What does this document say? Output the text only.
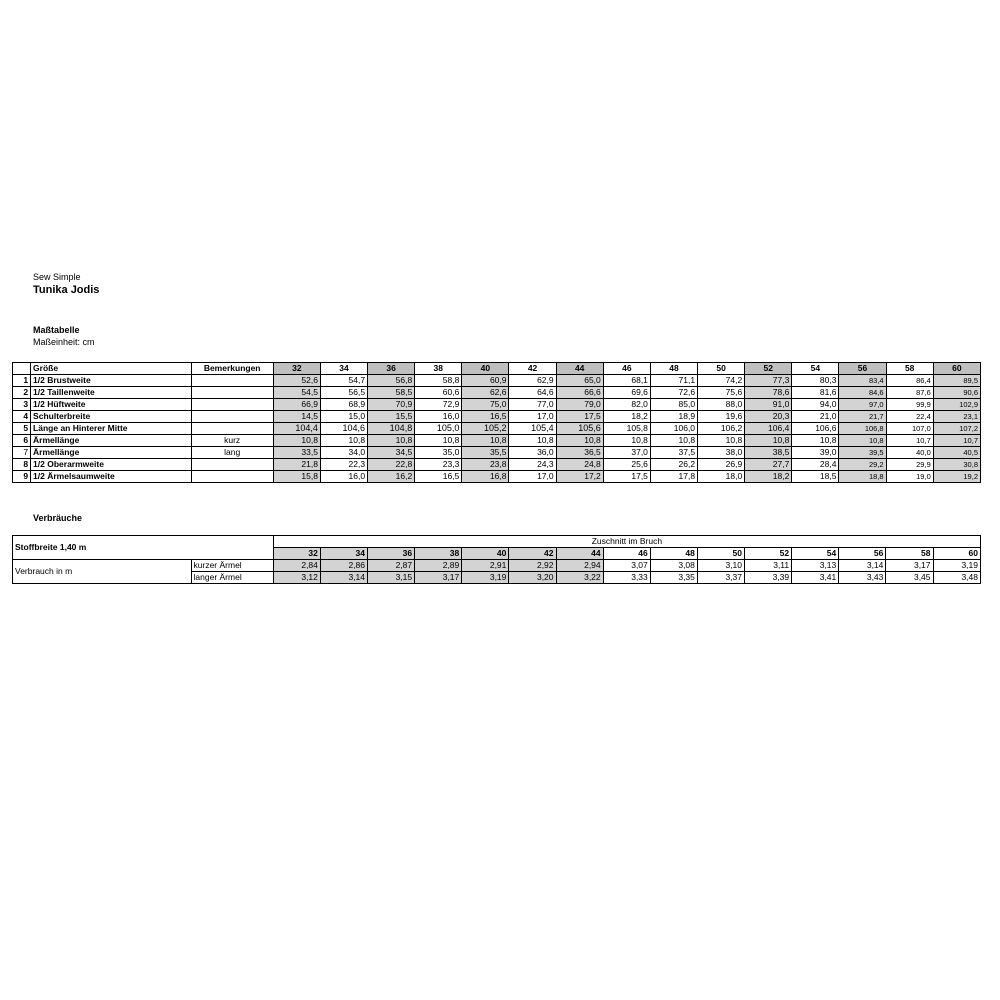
Sew Simple
Tunika Jodis
Maßtabelle
Maßeinheit: cm
	Größe	Bemerkungen	32	34	36	38	40	42	44	46	48	50	52	54	56	58	60
1	1/2 Brustweite		52,6	54,7	56,8	58,8	60,9	62,9	65,0	68,1	71,1	74,2	77,3	80,3	83,4	86,4	89,5
2	1/2 Taillenweite		54,5	56,5	58,5	60,6	62,6	64,6	66,6	69,6	72,6	75,6	78,6	81,6	84,6	87,6	90,6
3	1/2 Hüftweite		66,9	68,9	70,9	72,9	75,0	77,0	79,0	82,0	85,0	88,0	91,0	94,0	97,0	99,9	102,9
4	Schulterbreite		14,5	15,0	15,5	16,0	16,5	17,0	17,5	18,2	18,9	19,6	20,3	21,0	21,7	22,4	23,1
5	Länge an Hinterer Mitte		104,4	104,6	104,8	105,0	105,2	105,4	105,6	105,8	106,0	106,2	106,4	106,6	106,8	107,0	107,2
6	Ärmellänge	kurz	10,8	10,8	10,8	10,8	10,8	10,8	10,8	10,8	10,8	10,8	10,8	10,8	10,8	10,7	10,7
7	Ärmellänge	lang	33,5	34,0	34,5	35,0	35,5	36,0	36,5	37,0	37,5	38,0	38,5	39,0	39,5	40,0	40,5
8	1/2 Oberarmweite		21,8	22,3	22,8	23,3	23,8	24,3	24,8	25,6	26,2	26,9	27,7	28,4	29,2	29,9	30,8
9	1/2 Ärmelsaumweite		15,8	16,0	16,2	16,5	16,8	17,0	17,2	17,5	17,8	18,0	18,2	18,5	18,8	19,0	19,2
Verbräuche
Stoffbreite 1,40 m		Zuschnitt im Bruch														
		32	34	36	38	40	42	44	46	48	50	52	54	56	58	60
Verbrauch in m	kurzer Ärmel	2,84	2,86	2,87	2,89	2,91	2,92	2,94	3,07	3,08	3,10	3,11	3,13	3,14	3,17	3,19
	langer Ärmel	3,12	3,14	3,15	3,17	3,19	3,20	3,22	3,33	3,35	3,37	3,39	3,41	3,43	3,45	3,48
